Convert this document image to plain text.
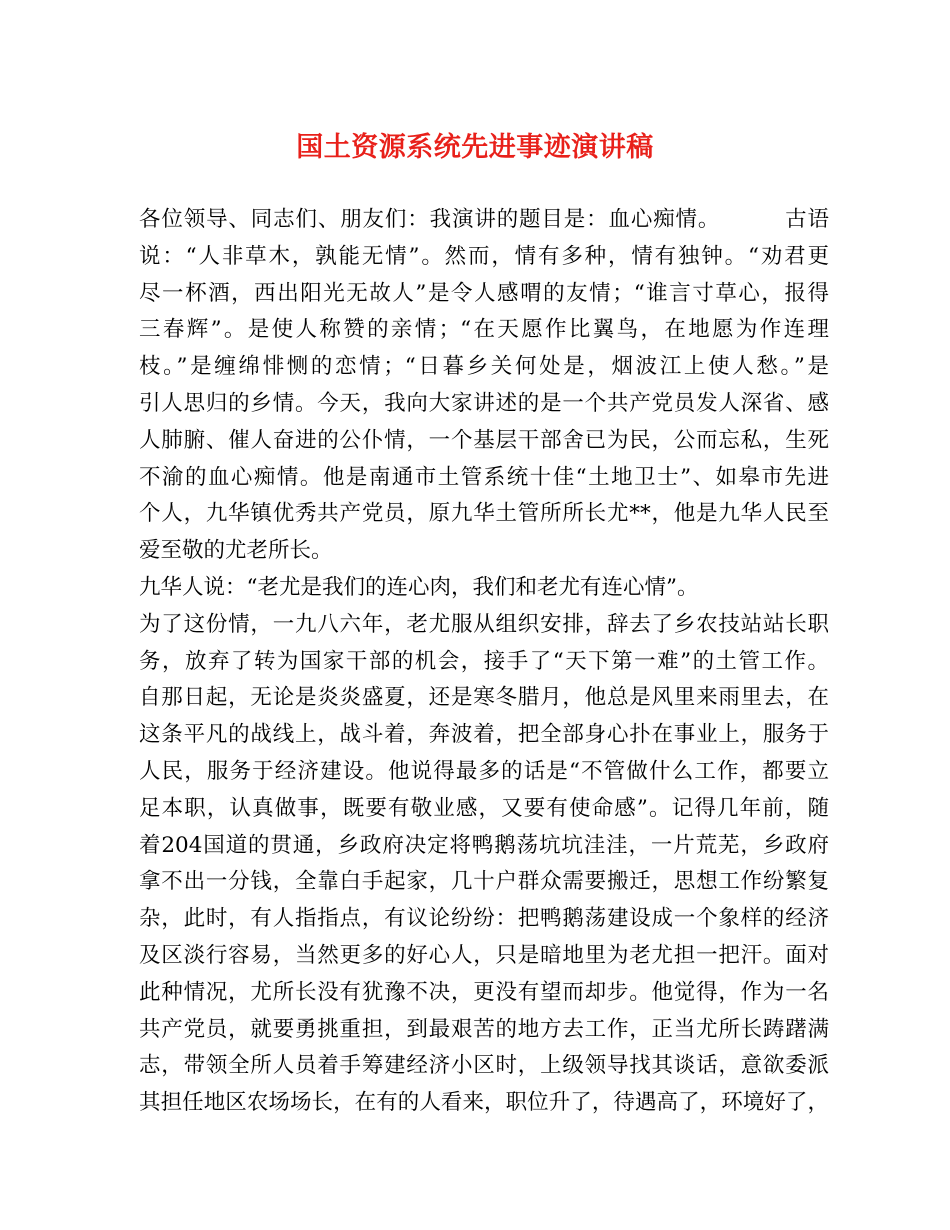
国土资源系统先进事迹演讲稿
各位领导、同志们、朋友们：我演讲的题目是：血心痴情。	古语
说：“人非草木，孰能无情”。然而，情有多种，情有独钟。“劝君更
尽一杯酒，西出阳光无故人”是令人感喟的友情；“谁言寸草心，报得
三春辉”。是使人称赞的亲情；“在天愿作比翼鸟，在地愿为作连理
枝。”是缠绵悱恻的恋情；“日暮乡关何处是，烟波江上使人愁。”是
引人思归的乡情。今天，我向大家讲述的是一个共产党员发人深省、感
人肺腑、催人奋进的公仆情，一个基层干部舍已为民，公而忘私，生死
不渝的血心痴情。他是南通市土管系统十佳“土地卫士”、如皋市先进
个人，九华镇优秀共产党员，原九华土管所所长尤**，他是九华人民至
爱至敬的尤老所长。
九华人说：“老尤是我们的连心肉，我们和老尤有连心情”。
为了这份情，一九八六年，老尤服从组织安排，辞去了乡农技站站长职
务，放弃了转为国家干部的机会，接手了“天下第一难”的土管工作。
自那日起，无论是炎炎盛夏，还是寒冬腊月，他总是风里来雨里去，在
这条平凡的战线上，战斗着，奔波着，把全部身心扑在事业上，服务于
人民，服务于经济建设。他说得最多的话是“不管做什么工作，都要立
足本职，认真做事，既要有敬业感，又要有使命感”。记得几年前，随
着204国道的贯通，乡政府决定将鸭鹅荡坑坑洼洼，一片荒芜，乡政府
拿不出一分钱，全靠白手起家，几十户群众需要搬迁，思想工作纷繁复
杂，此时，有人指指点，有议论纷纷：把鸭鹅荡建设成一个象样的经济
及区淡行容易，当然更多的好心人，只是暗地里为老尤担一把汗。面对
此种情况，尤所长没有犹豫不决，更没有望而却步。他觉得，作为一名
共产党员，就要勇挑重担，到最艰苦的地方去工作，正当尤所长踌躇满
志，带领全所人员着手筹建经济小区时，上级领导找其谈话，意欲委派
其担任地区农场场长，在有的人看来，职位升了，待遇高了，环境好了，
